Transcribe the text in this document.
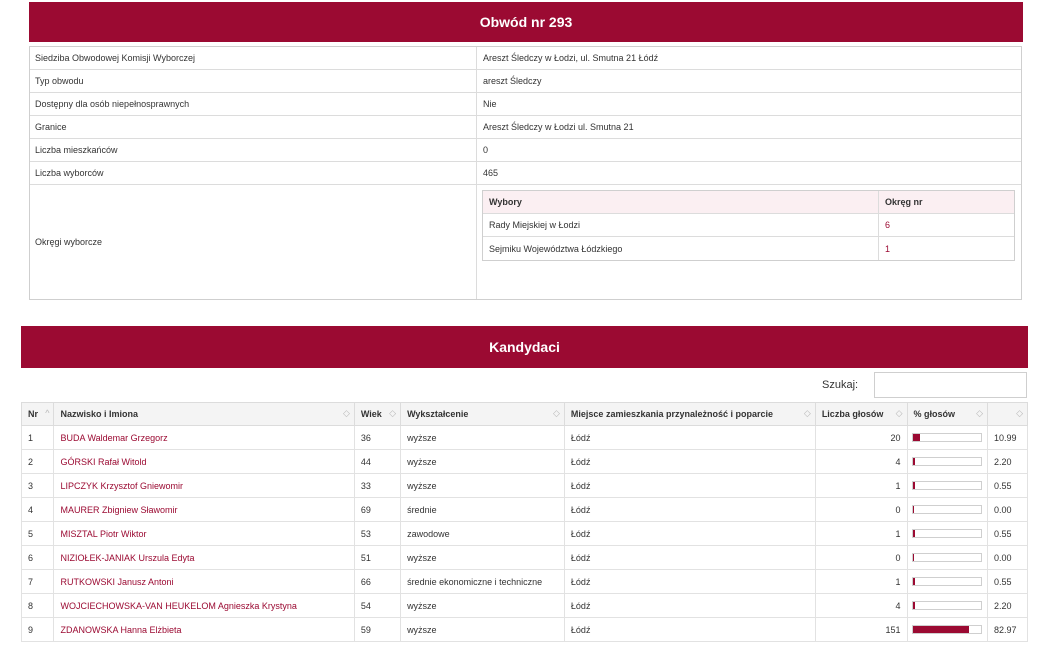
Obwód nr 293
Siedziba Obwodowej Komisji Wyborczej	Areszt Śledczy w Łodzi, ul. Smutna 21 Łódź
Typ obwodu	areszt Śledczy
Dostępny dla osób niepełnosprawnych	Nie
Granice	Areszt Śledczy w Łodzi ul. Smutna 21
Liczba mieszkańców	0
Liczba wyborców	465
Okręgi wyborcze
Wybory	Okręg nr
Rady Miejskiej w Łodzi	6
Sejmiku Województwa Łódzkiego	1
Kandydaci
Szukaj:
Nr ^	Nazwisko i Imiona ◇	Wiek ◇	Wykształcenie ◇	Miejsce zamieszkania przynależność i poparcie ◇	Liczba głosów ◇	% głosów ◇	◇

1	BUDA Waldemar Grzegorz	36	wyższe	Łódź	20		10.99
2	GÓRSKI Rafał Witold	44	wyższe	Łódź	4		2.20
3	LIPCZYK Krzysztof Gniewomir	33	wyższe	Łódź	1		0.55
4	MAURER Zbigniew Sławomir	69	średnie	Łódź	0		0.00
5	MISZTAL Piotr Wiktor	53	zawodowe	Łódź	1		0.55
6	NIZIOŁEK-JANIAK Urszula Edyta	51	wyższe	Łódź	0		0.00
7	RUTKOWSKI Janusz Antoni	66	średnie ekonomiczne i techniczne	Łódź	1		0.55
8	WOJCIECHOWSKA-VAN HEUKELOM Agnieszka Krystyna	54	wyższe	Łódź	4		2.20
9	ZDANOWSKA Hanna Elżbieta	59	wyższe	Łódź	151		82.97
